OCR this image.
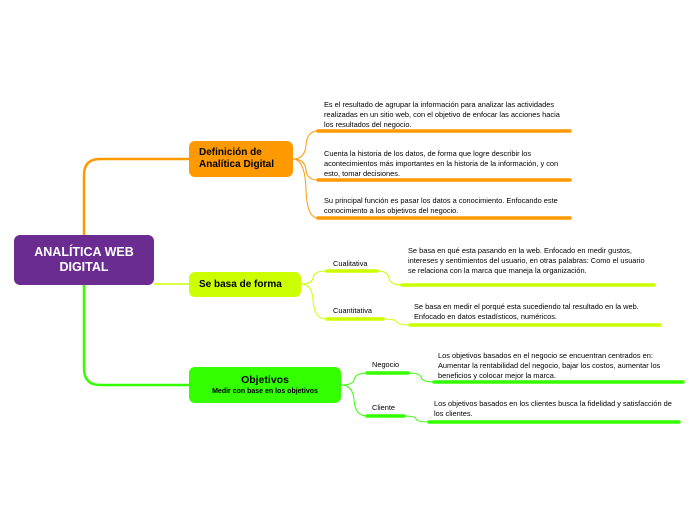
ANALÍTICA WEB DIGITAL
Definición de Analítica Digital
Se basa de forma
Objetivos
Medir con base en los objetivos
Es el resultado de agrupar la información para analizar las actividades realizadas en un sitio web, con el objetivo de enfocar las acciones hacia los resultados del negocio.
Cuenta la historia de los datos, de forma que logre describir los acontecimientos más importantes en la historia de la información, y con esto, tomar decisiones.
Su principal función es pasar los datos a conocimiento. Enfocando este conocimiento a los objetivos del negocio.
Cualitativa
Se basa en qué esta pasando en la web. Enfocado en medir gustos, intereses y sentimientos del usuario, en otras palabras: Como el usuario se relaciona con la marca que maneja la organización.
Cuantitativa	Se basa en medir el porqué esta sucediendo tal resultado en la web. Enfocado en datos estadísticos, numéricos.
Negocio
Los objetivos basados en el negocio se encuentran centrados en: Aumentar la rentabilidad del negocio, bajar los costos, aumentar los beneficios y colocar mejor la marca.
Cliente	Los objetivos basados en los clientes busca la fidelidad y satisfacción de los clientes.
